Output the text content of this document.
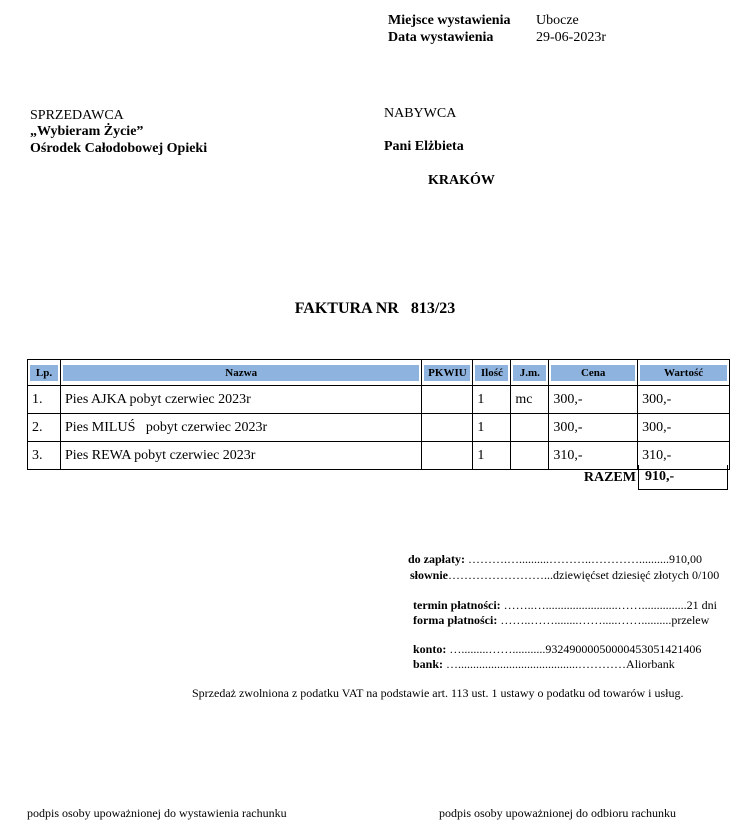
Miejsce wystawienia Ubocze
Data wystawienia	29-06-2023r
SPRZEDAWCA
„Wybieram Życie”
Ośrodek Całodobowej Opieki
NABYWCA
Pani Elżbieta
KRAKÓW
FAKTURA NR   813/23
Lp.	Nazwa	PKWIU	Ilość	J.m.	Cena	Wartość

1.	Pies AJKA pobyt czerwiec 2023r		1	mc	300,-	300,-
2.	Pies MILUŚ   pobyt czerwiec 2023r		1		300,-	300,-
3.	Pies REWA pobyt czerwiec 2023r		1		310,-	310,-
RAZEM 910,-
do zapłaty: ……….…..........………..…………..........910,00
słownie……………………...dziewięćset dziesięć złotych 0/100
termin płatności: ……..…........................……...............21 dni
forma płatności: ……..……........…….....……..........przelew
konto: ….........……...........93249000050000453051421406
bank: …........................................…………Aliorbank
Sprzedaż zwolniona z podatku VAT na podstawie art. 113 ust. 1 ustawy o podatku od towarów i usług.
podpis osoby upoważnionej do wystawienia rachunku	podpis osoby upoważnionej do odbioru rachunku
